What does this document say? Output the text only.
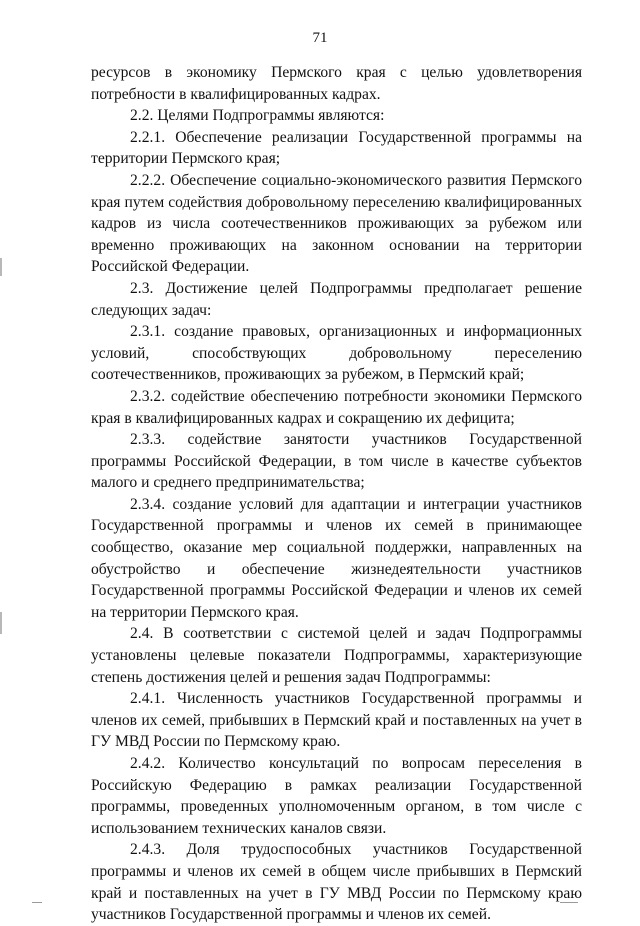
71

ресурсов в экономику Пермского края с целью удовлетворения потребности в квалифицированных кадрах.

2.2. Целями Подпрограммы являются:

2.2.1. Обеспечение реализации Государственной программы на территории Пермского края;

2.2.2. Обеспечение социально-экономического развития Пермского края путем содействия добровольному переселению квалифицированных кадров из числа соотечественников проживающих за рубежом или временно проживающих на законном основании на территории Российской Федерации.

2.3. Достижение целей Подпрограммы предполагает решение следующих задач:

2.3.1. создание правовых, организационных и информационных условий, способствующих добровольному переселению соотечественников, проживающих за рубежом, в Пермский край;

2.3.2. содействие обеспечению потребности экономики Пермского края в квалифицированных кадрах и сокращению их дефицита;

2.3.3. содействие занятости участников Государственной программы Российской Федерации, в том числе в качестве субъектов малого и среднего предпринимательства;

2.3.4. создание условий для адаптации и интеграции участников Государственной программы и членов их семей в принимающее сообщество, оказание мер социальной поддержки, направленных на обустройство и обеспечение жизнедеятельности участников Государственной программы Российской Федерации и членов их семей на территории Пермского края.

2.4. В соответствии с системой целей и задач Подпрограммы установлены целевые показатели Подпрограммы, характеризующие степень достижения целей и решения задач Подпрограммы:

2.4.1. Численность участников Государственной программы и членов их семей, прибывших в Пермский край и поставленных на учет в ГУ МВД России по Пермскому краю.

2.4.2. Количество консультаций по вопросам переселения в Российскую Федерацию в рамках реализации Государственной программы, проведенных уполномоченным органом, в том числе с использованием технических каналов связи.

2.4.3. Доля трудоспособных участников Государственной программы и членов их семей в общем числе прибывших в Пермский край и поставленных на учет в ГУ МВД России по Пермскому краю участников Государственной программы и членов их семей.
